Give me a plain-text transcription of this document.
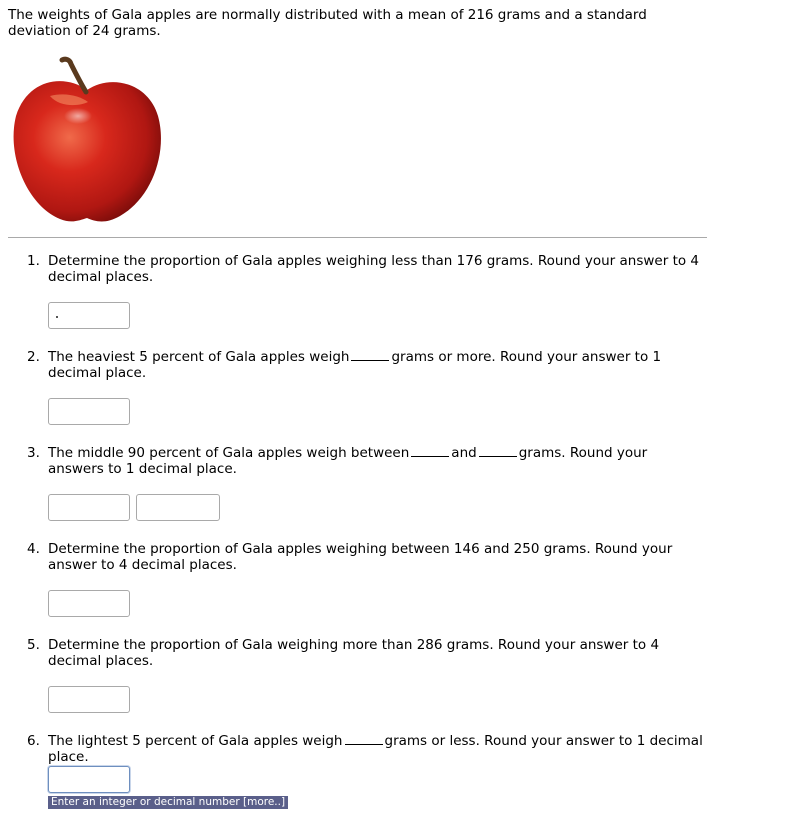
The weights of Gala apples are normally distributed with a mean of 216 grams and a standard deviation of 24 grams.
1. Determine the proportion of Gala apples weighing less than 176 grams. Round your answer to 4 decimal places.
2. The heaviest 5 percent of Gala apples weigh	grams or more. Round your answer to 1 decimal place.
3. The middle 90 percent of Gala apples weigh between	and	grams. Round your answers to 1 decimal place.
4. Determine the proportion of Gala apples weighing between 146 and 250 grams. Round your answer to 4 decimal places.
5. Determine the proportion of Gala weighing more than 286 grams. Round your answer to 4 decimal places.
6. The lightest 5 percent of Gala apples weigh	grams or less. Round your answer to 1 decimal place.
Enter an integer or decimal number [more..]
